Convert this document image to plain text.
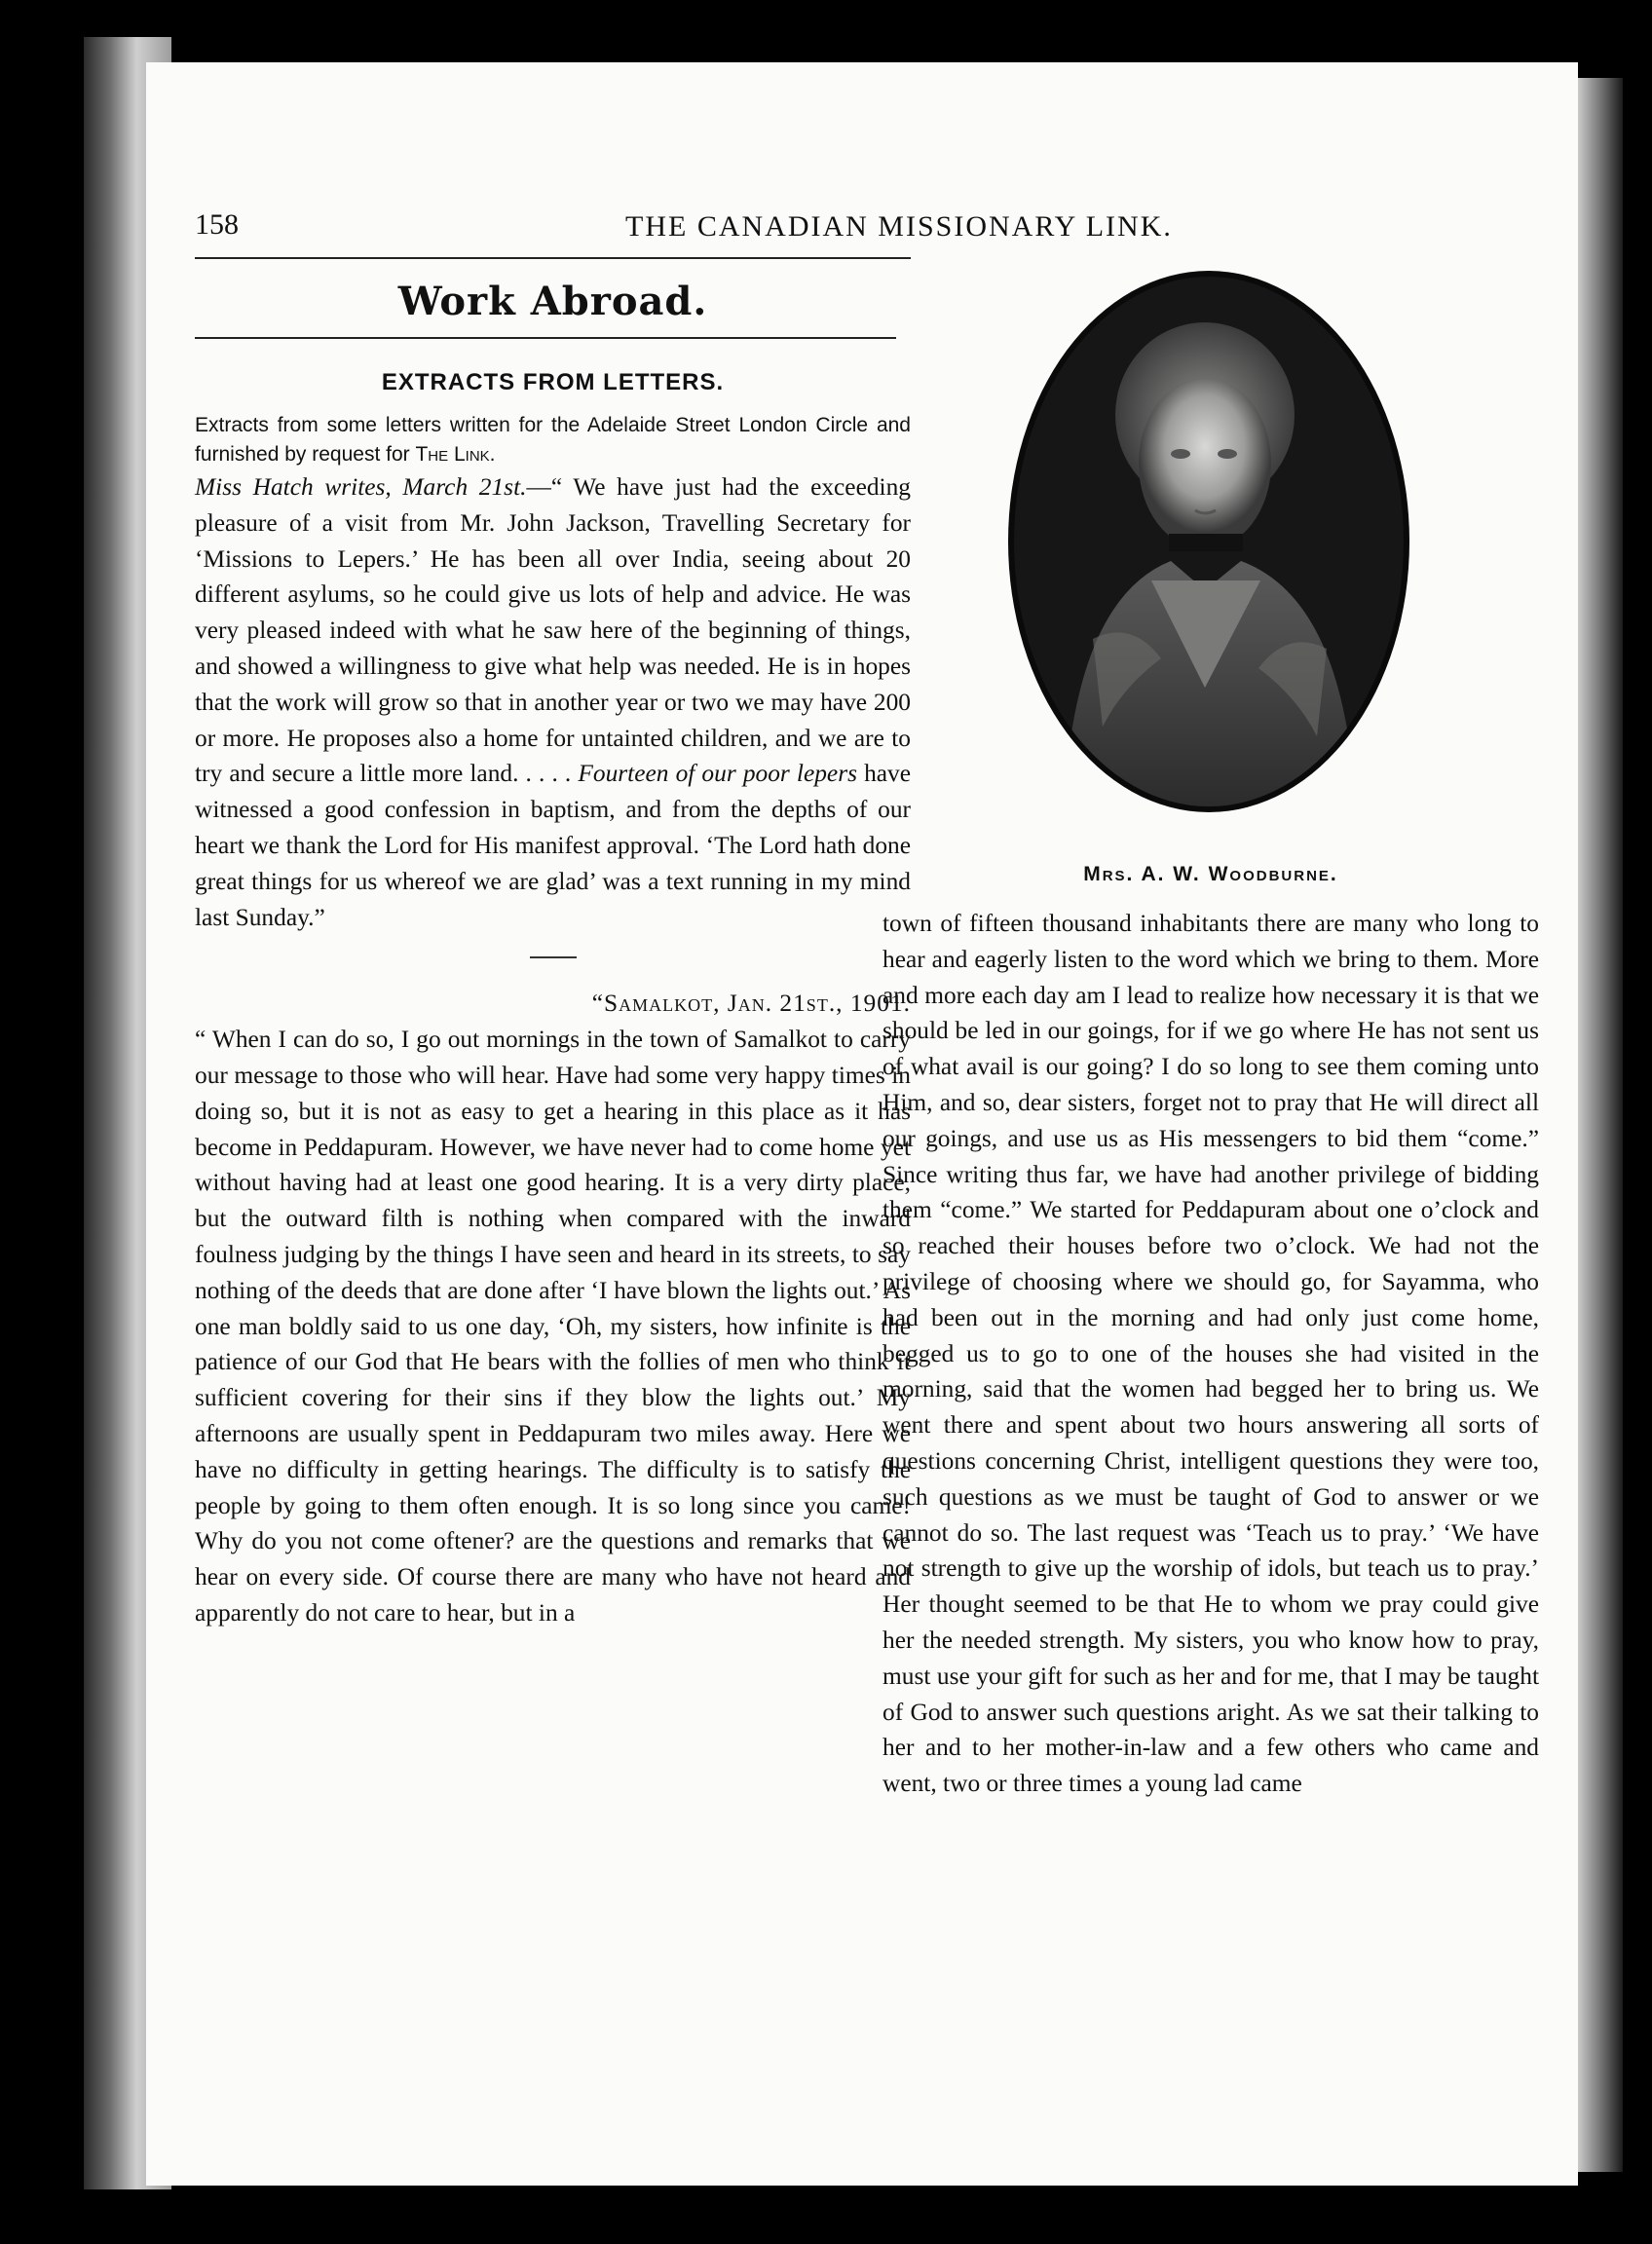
158	THE CANADIAN MISSIONARY LINK.
Work Abroad.
EXTRACTS FROM LETTERS.

Extracts from some letters written for the Adelaide Street London Circle and furnished by request for The Link.

Miss Hatch writes, March 21st.—“ We have just had the exceeding pleasure of a visit from Mr. John Jackson, Travelling Secretary for ‘Missions to Lepers.’ He has been all over India, seeing about 20 different asylums, so he could give us lots of help and advice. He was very pleased indeed with what he saw here of the beginning of things, and showed a willingness to give what help was needed. He is in hopes that the work will grow so that in another year or two we may have 200 or more. He proposes also a home for untainted children, and we are to try and secure a little more land. . . . . Fourteen of our poor lepers have witnessed a good confession in baptism, and from the depths of our heart we thank the Lord for His manifest approval. ‘The Lord hath done great things for us whereof we are glad’ was a text running in my mind last Sunday.”

“Samalkot, Jan. 21st., 1901.

“ When I can do so, I go out mornings in the town of Samalkot to carry our message to those who will hear. Have had some very happy times in doing so, but it is not as easy to get a hearing in this place as it has become in Peddapuram. However, we have never had to come home yet without having had at least one good hearing. It is a very dirty place, but the outward filth is nothing when compared with the inward foulness judging by the things I have seen and heard in its streets, to say nothing of the deeds that are done after ‘I have blown the lights out.’ As one man boldly said to us one day, ‘Oh, my sisters, how infinite is the patience of our God that He bears with the follies of men who think it sufficient covering for their sins if they blow the lights out.’ My afternoons are usually spent in Peddapuram two miles away. Here we have no difficulty in getting hearings. The difficulty is to satisfy the people by going to them often enough. It is so long since you came! Why do you not come oftener? are the questions and remarks that we hear on every side. Of course there are many who have not heard and apparently do not care to hear, but in a

Mrs. A. W. Woodburne.

town of fifteen thousand inhabitants there are many who long to hear and eagerly listen to the word which we bring to them. More and more each day am I lead to realize how necessary it is that we should be led in our goings, for if we go where He has not sent us of what avail is our going? I do so long to see them coming unto Him, and so, dear sisters, forget not to pray that He will direct all our goings, and use us as His messengers to bid them “come.” Since writing thus far, we have had another privilege of bidding them “come.” We started for Peddapuram about one o’clock and so reached their houses before two o’clock. We had not the privilege of choosing where we should go, for Sayamma, who had been out in the morning and had only just come home, begged us to go to one of the houses she had visited in the morning, said that the women had begged her to bring us. We went there and spent about two hours answering all sorts of questions concerning Christ, intelligent questions they were too, such questions as we must be taught of God to answer or we cannot do so. The last request was ‘Teach us to pray.’ ‘We have not strength to give up the worship of idols, but teach us to pray.’ Her thought seemed to be that He to whom we pray could give her the needed strength. My sisters, you who know how to pray, must use your gift for such as her and for me, that I may be taught of God to answer such questions aright. As we sat their talking to her and to her mother-in-law and a few others who came and went, two or three times a young lad came
